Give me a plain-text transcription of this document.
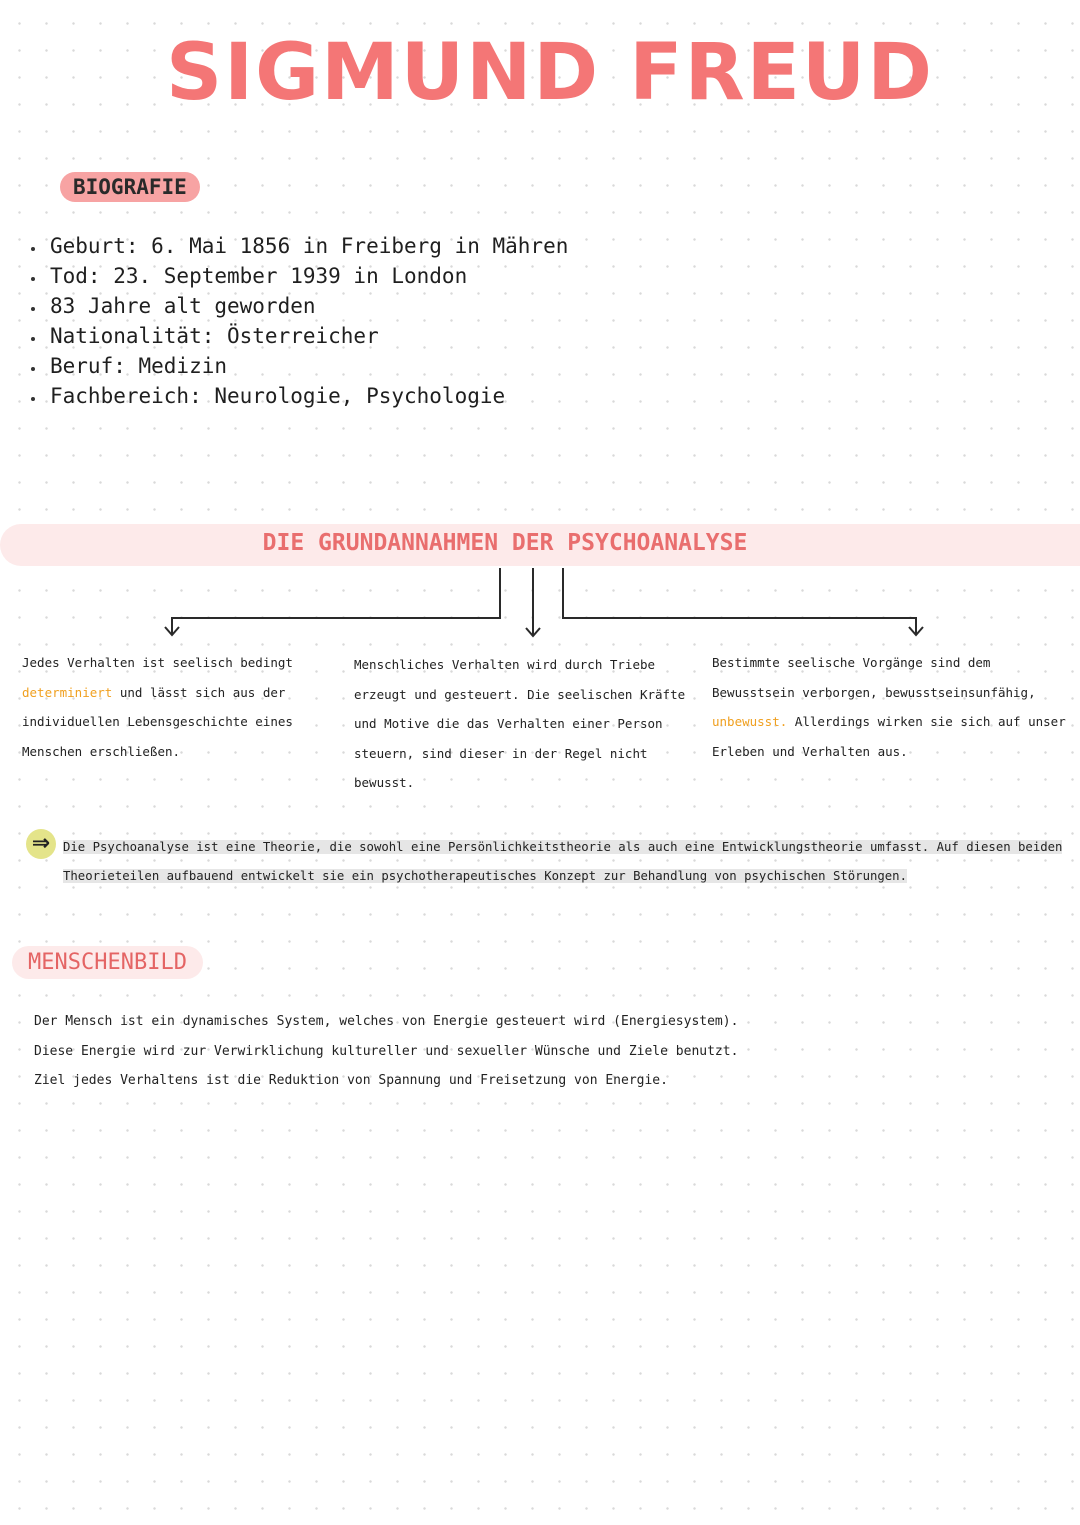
SIGMUND FREUD
BIOGRAFIE
Geburt: 6. Mai 1856 in Freiberg in Mähren
Tod: 23. September 1939 in London
83 Jahre alt geworden
Nationalität: Österreicher
Beruf: Medizin
Fachbereich: Neurologie, Psychologie
DIE GRUNDANNAHMEN DER PSYCHOANALYSE
Jedes Verhalten ist seelisch bedingt determiniert und lässt sich aus der individuellen Lebensgeschichte eines Menschen erschließen.
Menschliches Verhalten wird durch Triebe erzeugt und gesteuert. Die seelischen Kräfte und Motive die das Verhalten einer Person steuern, sind dieser in der Regel nicht bewusst.
Bestimmte seelische Vorgänge sind dem Bewusstsein verborgen, bewusstseinsunfähig, unbewusst. Allerdings wirken sie sich auf unser Erleben und Verhalten aus.
⇒	Die Psychoanalyse ist eine Theorie, die sowohl eine Persönlichkeitstheorie als auch eine Entwicklungstheorie umfasst. Auf diesen beiden Theorieteilen aufbauend entwickelt sie ein psychotherapeutisches Konzept zur Behandlung von psychischen Störungen.
MENSCHENBILD
Der Mensch ist ein dynamisches System, welches von Energie gesteuert wird (Energiesystem).
Diese Energie wird zur Verwirklichung kultureller und sexueller Wünsche und Ziele benutzt.
Ziel jedes Verhaltens ist die Reduktion von Spannung und Freisetzung von Energie.
